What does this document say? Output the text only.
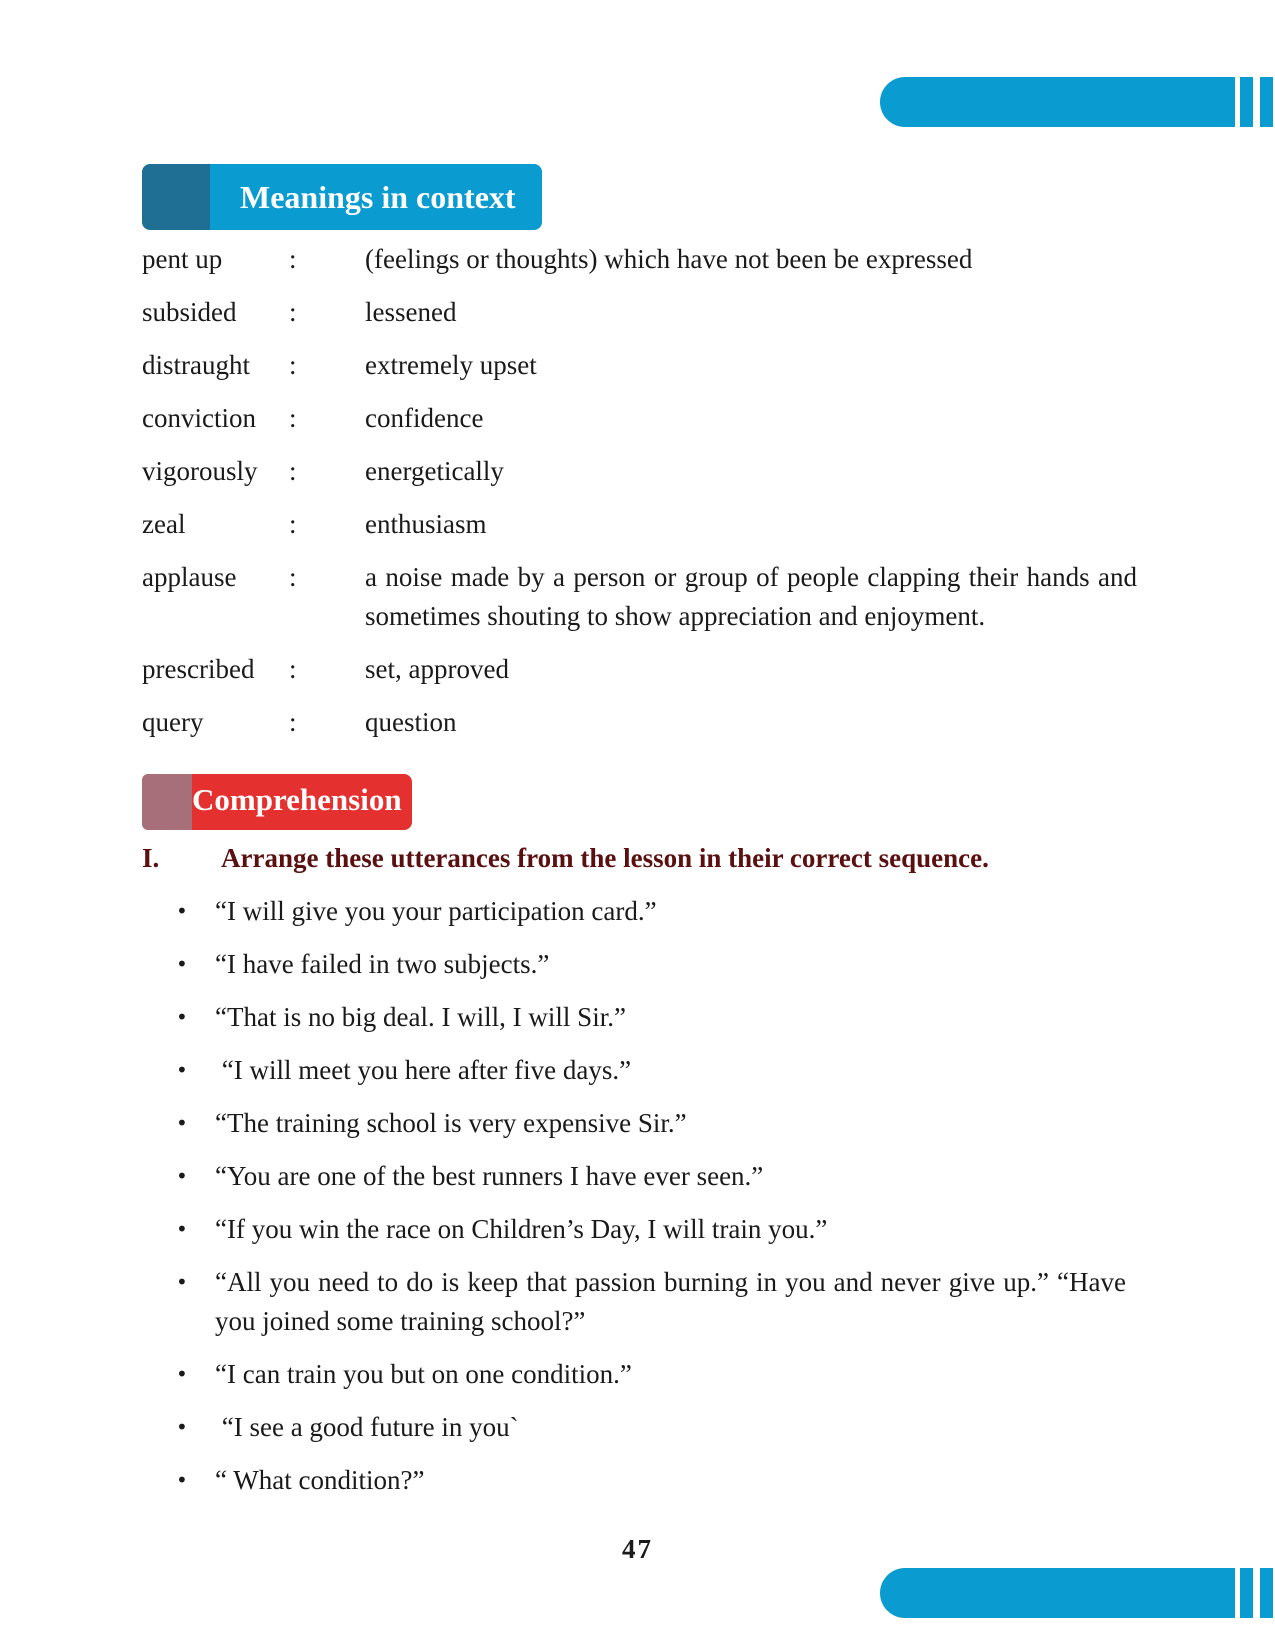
Meanings in context
pent up	:	(feelings or thoughts) which have not been be expressed
subsided	:	lessened
distraught	:	extremely upset
conviction	:	confidence
vigorously	:	energetically
zeal	:	enthusiasm
applause	:	a noise made by a person or group of people clapping their hands and sometimes shouting to show appreciation and enjoyment.
prescribed	:	set, approved
query	:	question
Comprehension
I. Arrange these utterances from the lesson in their correct sequence.
• “I will give you your participation card.”
• “I have failed in two subjects.”
• “That is no big deal. I will, I will Sir.”
• “I will meet you here after five days.”
• “The training school is very expensive Sir.”
• “You are one of the best runners I have ever seen.”
• “If you win the race on Children’s Day, I will train you.”
• “All you need to do is keep that passion burning in you and never give up.” “Have you joined some training school?”
• “I can train you but on one condition.”
• “I see a good future in you`
• “ What condition?”
47
